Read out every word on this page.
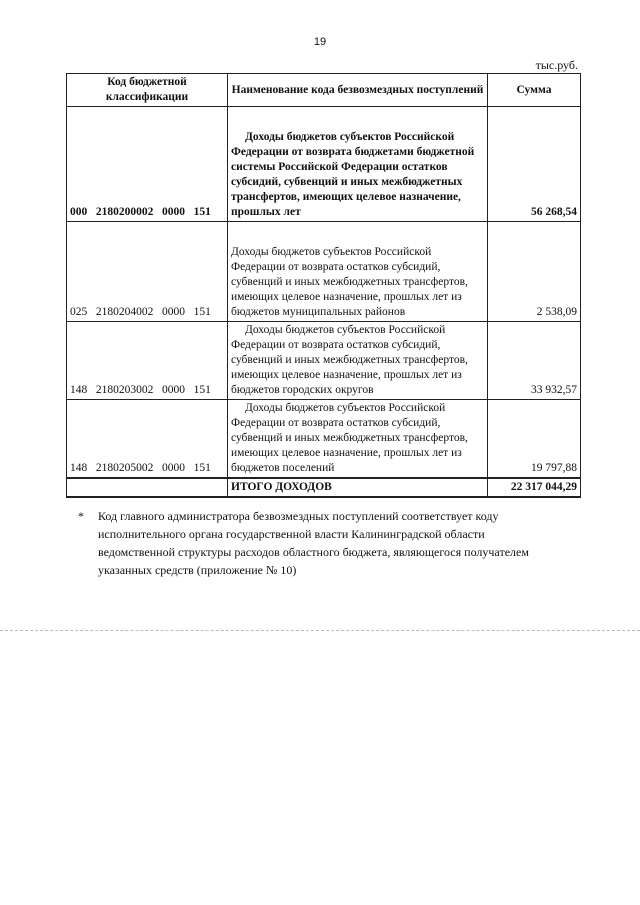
19
тыс.руб.
Код бюджетной классификации	Наименование кода безвозмездных поступлений	Сумма
000 2180200002 0000 151	Доходы бюджетов субъектов Российской Федерации от возврата бюджетами бюджетной системы Российской Федерации остатков субсидий, субвенций и иных межбюджетных трансфертов, имеющих целевое назначение, прошлых лет	56 268,54
025 2180204002 0000 151	Доходы бюджетов субъектов Российской Федерации от возврата остатков субсидий, субвенций и иных межбюджетных трансфертов, имеющих целевое назначение, прошлых лет из бюджетов муниципальных районов	2 538,09
148 2180203002 0000 151	Доходы бюджетов субъектов Российской Федерации от возврата остатков субсидий, субвенций и иных межбюджетных трансфертов, имеющих целевое назначение, прошлых лет из бюджетов городских округов	33 932,57
148 2180205002 0000 151	Доходы бюджетов субъектов Российской Федерации от возврата остатков субсидий, субвенций и иных межбюджетных трансфертов, имеющих целевое назначение, прошлых лет из бюджетов поселений	19 797,88
	ИТОГО ДОХОДОВ	22 317 044,29
* Код главного администратора безвозмездных поступлений соответствует коду исполнительного органа государственной власти Калининградской области ведомственной структуры расходов областного бюджета, являющегося получателем указанных средств (приложение № 10)
